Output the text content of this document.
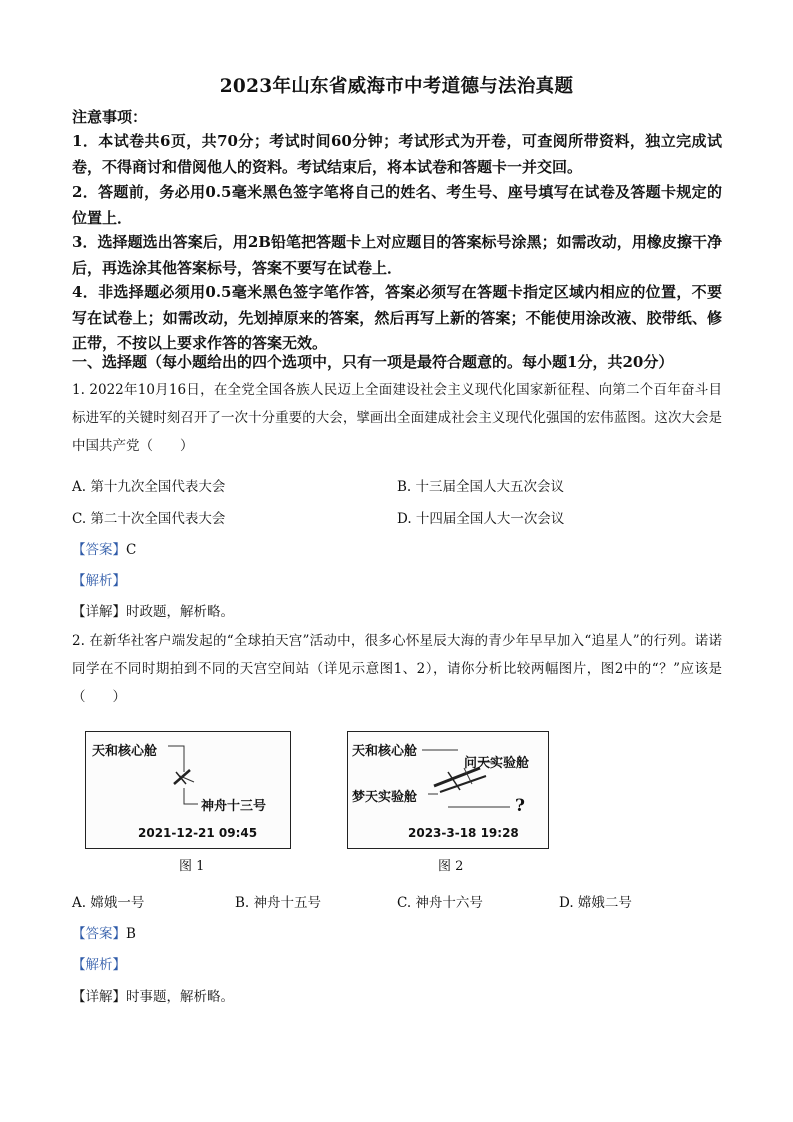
2023年山东省威海市中考道德与法治真题
注意事项：
1．本试卷共6页，共70分；考试时间60分钟；考试形式为开卷，可查阅所带资料，独立完成试卷，不得商讨和借阅他人的资料。考试结束后，将本试卷和答题卡一并交回。
2．答题前，务必用0.5毫米黑色签字笔将自己的姓名、考生号、座号填写在试卷及答题卡规定的位置上．
3．选择题选出答案后，用2B铅笔把答题卡上对应题目的答案标号涂黑；如需改动，用橡皮擦干净后，再选涂其他答案标号，答案不要写在试卷上．
4．非选择题必须用0.5毫米黑色签字笔作答，答案必须写在答题卡指定区域内相应的位置，不要写在试卷上；如需改动，先划掉原来的答案，然后再写上新的答案；不能使用涂改液、胶带纸、修正带，不按以上要求作答的答案无效。
一、选择题（每小题给出的四个选项中，只有一项是最符合题意的。每小题1分，共20分）
1. 2022年10月16日，在全党全国各族人民迈上全面建设社会主义现代化国家新征程、向第二个百年奋斗目标进军的关键时刻召开了一次十分重要的大会，擘画出全面建成社会主义现代化强国的宏伟蓝图。这次大会是中国共产党（　　）
A. 第十九次全国代表大会	B. 十三届全国人大五次会议
C. 第二十次全国代表大会	D. 十四届全国人大一次会议
【答案】C
【解析】
【详解】时政题，解析略。
2. 在新华社客户端发起的“全球拍天宫”活动中，很多心怀星辰大海的青少年早早加入“追星人”的行列。诺诺同学在不同时期拍到不同的天宫空间站（详见示意图1、2），请你分析比较两幅图片，图2中的“？”应该是（　　）
天和核心舱
神舟十三号
2021-12-21 09:45
图 1
天和核心舱
问天实验舱
梦天实验舱	?
2023-3-18 19:28
图 2
A. 嫦娥一号	B. 神舟十五号	C. 神舟十六号	D. 嫦娥二号
【答案】B
【解析】
【详解】时事题，解析略。
